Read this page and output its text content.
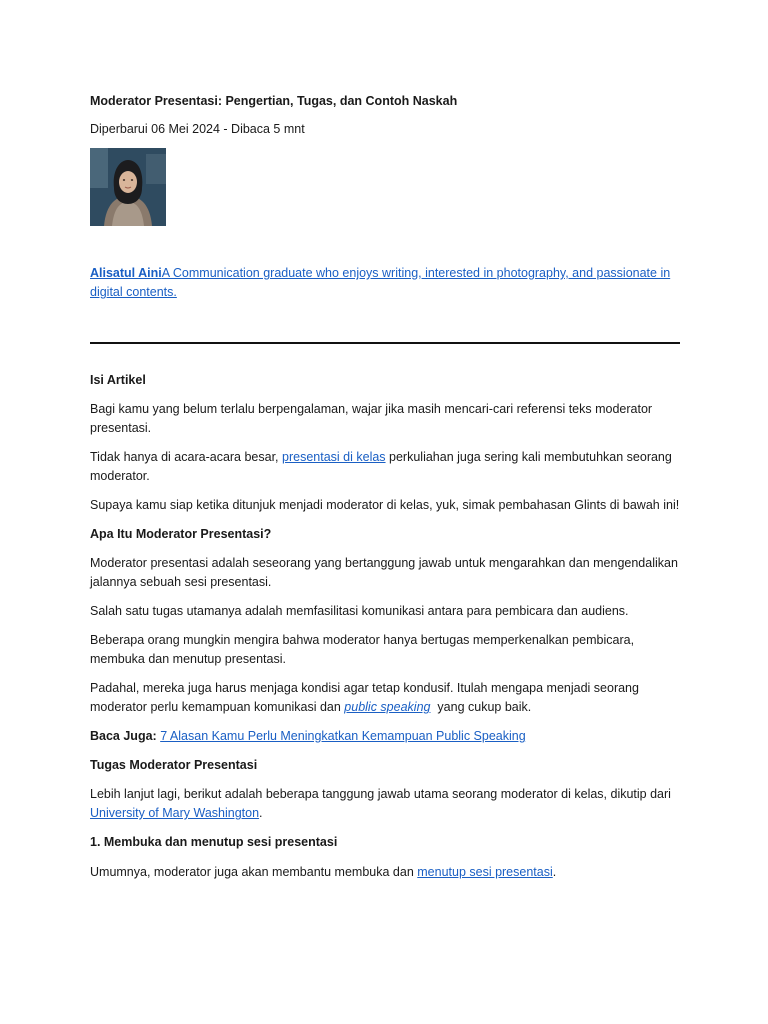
Moderator Presentasi: Pengertian, Tugas, dan Contoh Naskah

Diperbarui 06 Mei 2024 - Dibaca 5 mnt

Alisatul AiniA Communication graduate who enjoys writing, interested in photography, and passionate in digital contents.

Isi Artikel

Bagi kamu yang belum terlalu berpengalaman, wajar jika masih mencari-cari referensi teks moderator presentasi.

Tidak hanya di acara-acara besar, presentasi di kelas perkuliahan juga sering kali membutuhkan seorang moderator.

Supaya kamu siap ketika ditunjuk menjadi moderator di kelas, yuk, simak pembahasan Glints di bawah ini!

Apa Itu Moderator Presentasi?

Moderator presentasi adalah seseorang yang bertanggung jawab untuk mengarahkan dan mengendalikan jalannya sebuah sesi presentasi.

Salah satu tugas utamanya adalah memfasilitasi komunikasi antara para pembicara dan audiens.

Beberapa orang mungkin mengira bahwa moderator hanya bertugas memperkenalkan pembicara, membuka dan menutup presentasi.

Padahal, mereka juga harus menjaga kondisi agar tetap kondusif. Itulah mengapa menjadi seorang moderator perlu kemampuan komunikasi dan public speaking  yang cukup baik.

Baca Juga: 7 Alasan Kamu Perlu Meningkatkan Kemampuan Public Speaking

Tugas Moderator Presentasi

Lebih lanjut lagi, berikut adalah beberapa tanggung jawab utama seorang moderator di kelas, dikutip dari University of Mary Washington.

1. Membuka dan menutup sesi presentasi

Umumnya, moderator juga akan membantu membuka dan menutup sesi presentasi.
